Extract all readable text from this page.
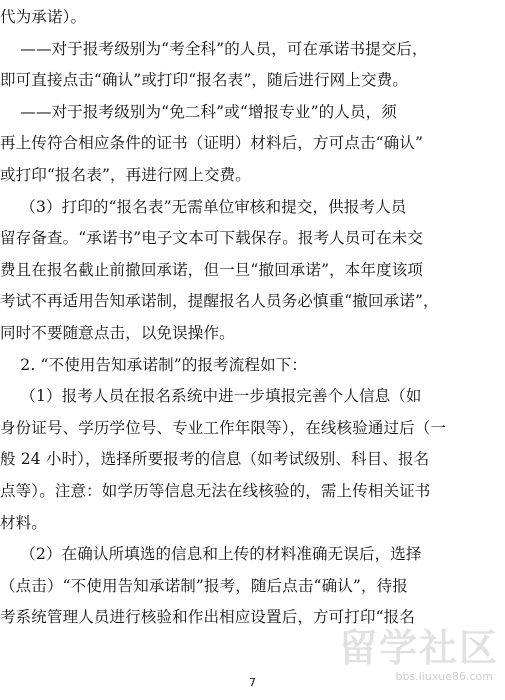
代为承诺）。
——对于报考级别为“考全科”的人员，可在承诺书提交后，
即可直接点击“确认”或打印“报名表”，随后进行网上交费。
——对于报考级别为“免二科”或“增报专业”的人员，须
再上传符合相应条件的证书（证明）材料后，方可点击“确认”
或打印“报名表”，再进行网上交费。
（3）打印的“报名表”无需单位审核和提交，供报考人员
留存备查。“承诺书”电子文本可下载保存。报考人员可在未交
费且在报名截止前撤回承诺，但一旦“撤回承诺”，本年度该项
考试不再适用告知承诺制，提醒报名人员务必慎重“撤回承诺”，
同时不要随意点击，以免误操作。
2. “不使用告知承诺制”的报考流程如下：
（1）报考人员在报名系统中进一步填报完善个人信息（如
身份证号、学历学位号、专业工作年限等），在线核验通过后（一
般 24 小时），选择所要报考的信息（如考试级别、科目、报名
点等）。注意：如学历等信息无法在线核验的，需上传相关证书
材料。
（2）在确认所填选的信息和上传的材料准确无误后，选择
（点击）“不使用告知承诺制”报考，随后点击“确认”，待报
考系统管理人员进行核验和作出相应设置后，方可打印“报名
7
留学社区
bbs.liuxue86.com
